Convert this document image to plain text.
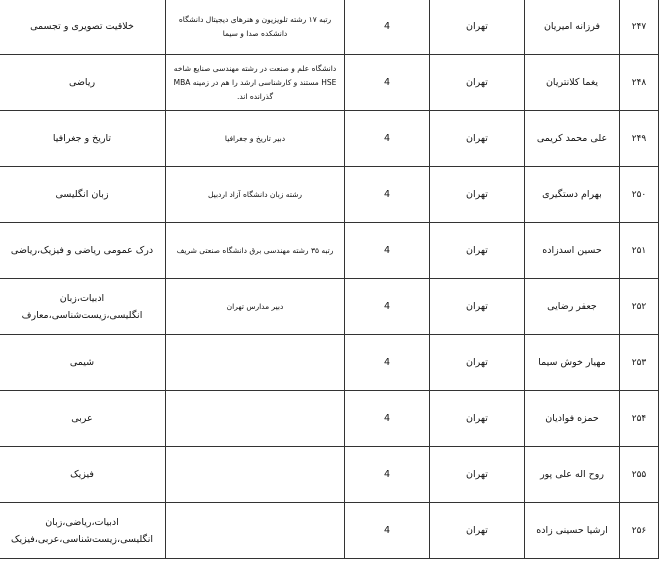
۲۴۷	فرزانه امیریان	تهران	4	رتبه ۱۷ رشته تلویزیون و هنرهای دیجیتال دانشگاه دانشکده صدا و سیما	خلاقیت تصویری و تجسمی
۲۴۸	یغما کلانتریان	تهران	4	دانشگاه علم و صنعت در رشته مهندسی صنایع شاخه HSE مستند و کارشناسی ارشد را هم در زمینه MBA گذرانده اند.	ریاضی
۲۴۹	علی محمد کریمی	تهران	4	دبیر تاریخ و جغرافیا	تاریخ و جغرافیا
۲۵۰	بهرام دستگیری	تهران	4	رشته زبان دانشگاه آزاد اردبیل	زبان انگلیسی
۲۵۱	حسین اسدزاده	تهران	4	رتبه ۳۵ رشته مهندسی برق دانشگاه صنعتی شریف	درک عمومی ریاضی و فیزیک،ریاضی
۲۵۲	جعفر رضایی	تهران	4	دبیر مدارس تهران	ادبیات،زبان انگلیسی،زیست‌شناسی،معارف
۲۵۳	مهیار خوش سیما	تهران	4		شیمی
۲۵۴	حمزه فوادیان	تهران	4		عربی
۲۵۵	روح اله علی پور	تهران	4		فیزیک
۲۵۶	ارشیا حسینی زاده	تهران	4		ادبیات،ریاضی،زبان انگلیسی،زیست‌شناسی،عربی،فیزیک
